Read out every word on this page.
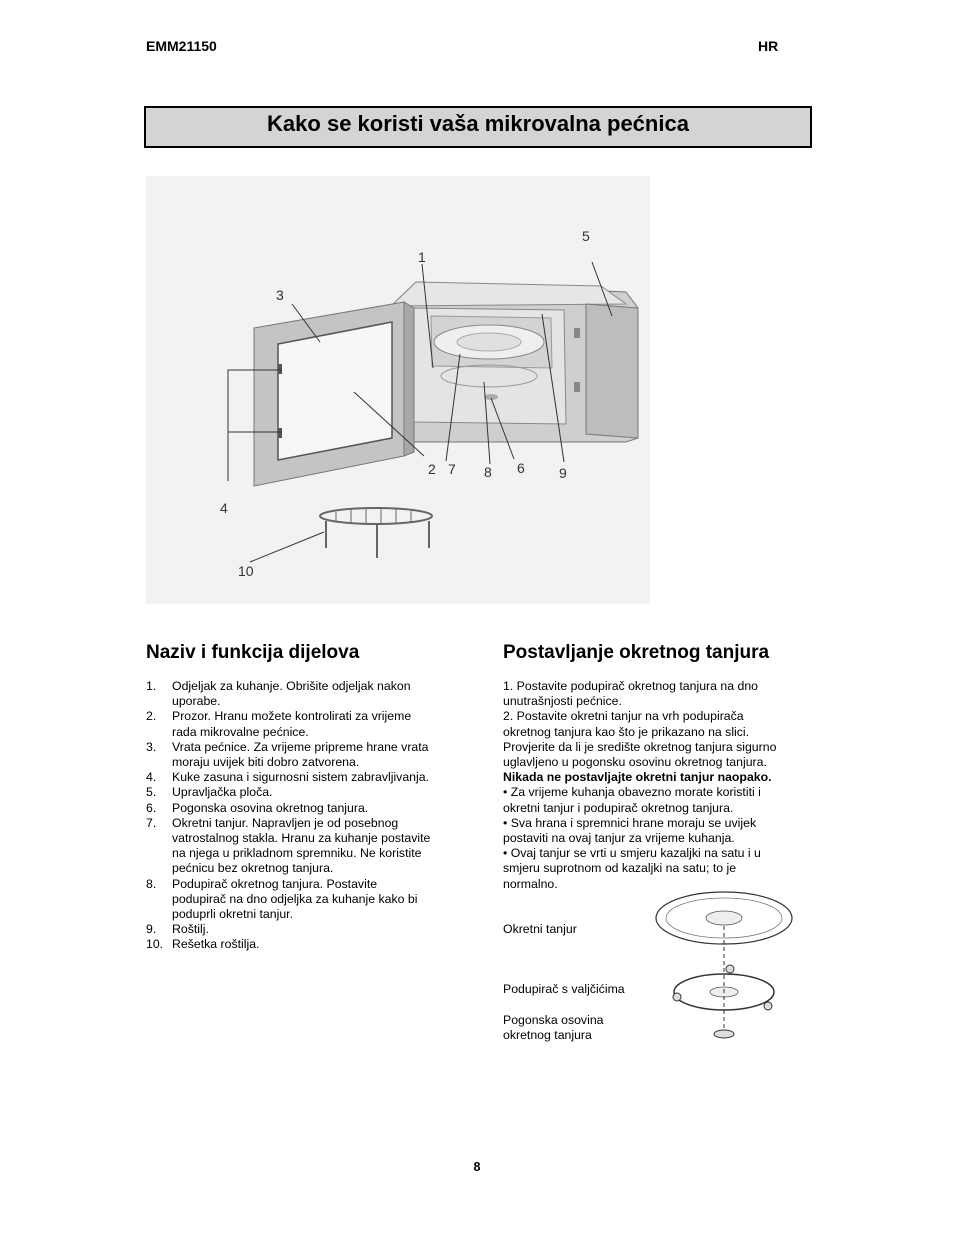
EMM21150	HR
Kako se koristi vaša mikrovalna pećnica
1
2
3
4
5
6
7 8	9
10
Naziv i funkcija dijelova
1. Odjeljak za kuhanje. Obrišite odjeljak nakon
uporabe.
2. Prozor. Hranu možete kontrolirati za vrijeme
rada mikrovalne pećnice.
3. Vrata pećnice. Za vrijeme pripreme hrane vrata
moraju uvijek biti dobro zatvorena.
4. Kuke zasuna i sigurnosni sistem zabravljivanja.
5. Upravljačka ploča.
6. Pogonska osovina okretnog tanjura.
7. Okretni tanjur. Napravljen je od posebnog
vatrostalnog stakla. Hranu za kuhanje postavite
na njega u prikladnom spremniku. Ne koristite
pećnicu bez okretnog tanjura.
8. Podupirač okretnog tanjura. Postavite
podupirač na dno odjeljka za kuhanje kako bi
poduprli okretni tanjur.
9. Roštilj.
10. Rešetka roštilja.
Postavljanje okretnog tanjura

1. Postavite podupirač okretnog tanjura na dno

unutrašnjosti pećnice.

2. Postavite okretni tanjur na vrh podupirača

okretnog tanjura kao što je prikazano na slici.

Provjerite da li je središte okretnog tanjura sigurno

uglavljeno u pogonsku osovinu okretnog tanjura.

Nikada ne postavljajte okretni tanjur naopako.

• Za vrijeme kuhanja obavezno morate koristiti i

okretni tanjur i podupirač okretnog tanjura.

• Sva hrana i spremnici hrane moraju se uvijek

postaviti na ovaj tanjur za vrijeme kuhanja.

• Ovaj tanjur se vrti u smjeru kazaljki na satu i u

smjeru suprotnom od kazaljki na satu; to je

normalno.

Okretni tanjur
Podupirač s valjčićima
Pogonska osovina
okretnog tanjura
8
